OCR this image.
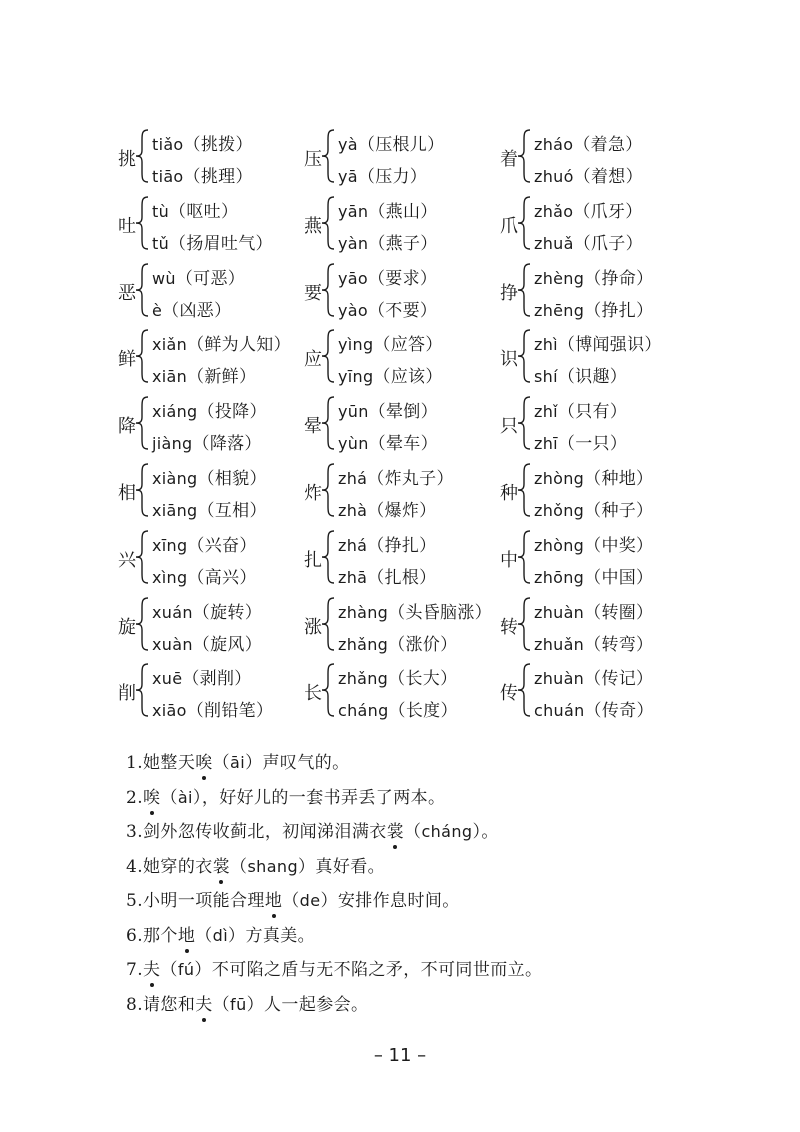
挑
tiǎo（挑拨）
tiāo（挑理）
吐
tù（呕吐）
tǔ（扬眉吐气）
恶
wù（可恶）
è（凶恶）
鲜
xiǎn（鲜为人知）
xiān（新鲜）
降
xiáng（投降）
jiàng（降落）
相
xiàng（相貌）
xiāng（互相）
兴
xīng（兴奋）
xìng（高兴）
旋
xuán（旋转）
xuàn（旋风）
削
xuē（剥削）
xiāo（削铅笔）
压
yà（压根儿）
yā（压力）
燕
yān（燕山）
yàn（燕子）
要
yāo（要求）
yào（不要）
应
yìng（应答）
yīng（应该）
晕
yūn（晕倒）
yùn（晕车）
炸
zhá（炸丸子）
zhà（爆炸）
扎
zhá（挣扎）
zhā（扎根）
涨
zhàng（头昏脑涨）
zhǎng（涨价）
长
zhǎng（长大）
cháng（长度）
着
zháo（着急）
zhuó（着想）
爪
zhǎo（爪牙）
zhuǎ（爪子）
挣
zhèng（挣命）
zhēng（挣扎）
识
zhì（博闻强识）
shí（识趣）
只
zhǐ（只有）
zhī（一只）
种
zhòng（种地）
zhǒng（种子）
中
zhòng（中奖）
zhōng（中国）
转
zhuàn（转圈）
zhuǎn（转弯）
传
zhuàn（传记）
chuán（传奇）
1.她整天唉（āi）声叹气的。
2.唉（ài），好好儿的一套书弄丢了两本。
3.剑外忽传收蓟北，初闻涕泪满衣裳（cháng）。
4.她穿的衣裳（shang）真好看。
5.小明一项能合理地（de）安排作息时间。
6.那个地（dì）方真美。
7.夫（fú）不可陷之盾与无不陷之矛，不可同世而立。
8.请您和夫（fū）人一起参会。
– 11 –
